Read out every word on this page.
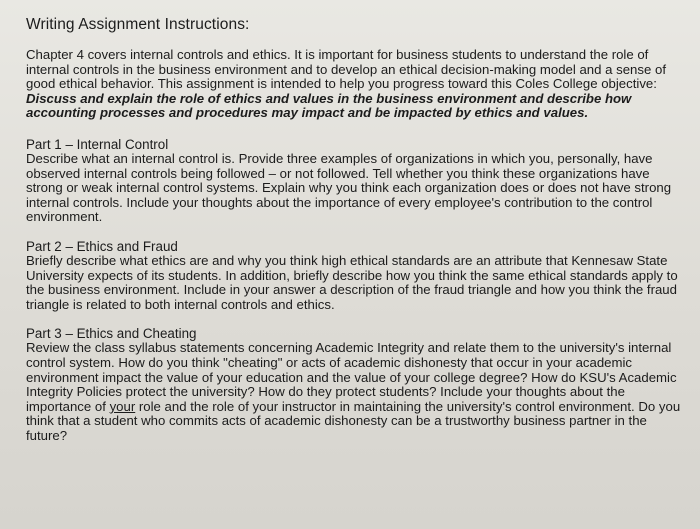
Writing Assignment Instructions:

Chapter 4 covers internal controls and ethics. It is important for business students to understand the role of internal controls in the business environment and to develop an ethical decision-making model and a sense of good ethical behavior. This assignment is intended to help you progress toward this Coles College objective: Discuss and explain the role of ethics and values in the business environment and describe how accounting processes and procedures may impact and be impacted by ethics and values.

Part 1 – Internal Control

Describe what an internal control is. Provide three examples of organizations in which you, personally, have observed internal controls being followed – or not followed. Tell whether you think these organizations have strong or weak internal control systems. Explain why you think each organization does or does not have strong internal controls. Include your thoughts about the importance of every employee's contribution to the control environment.

Part 2 – Ethics and Fraud

Briefly describe what ethics are and why you think high ethical standards are an attribute that Kennesaw State University expects of its students. In addition, briefly describe how you think the same ethical standards apply to the business environment. Include in your answer a description of the fraud triangle and how you think the fraud triangle is related to both internal controls and ethics.

Part 3 – Ethics and Cheating

Review the class syllabus statements concerning Academic Integrity and relate them to the university's internal control system. How do you think "cheating" or acts of academic dishonesty that occur in your academic environment impact the value of your education and the value of your college degree? How do KSU's Academic Integrity Policies protect the university? How do they protect students? Include your thoughts about the importance of your role and the role of your instructor in maintaining the university's control environment. Do you think that a student who commits acts of academic dishonesty can be a trustworthy business partner in the future?
